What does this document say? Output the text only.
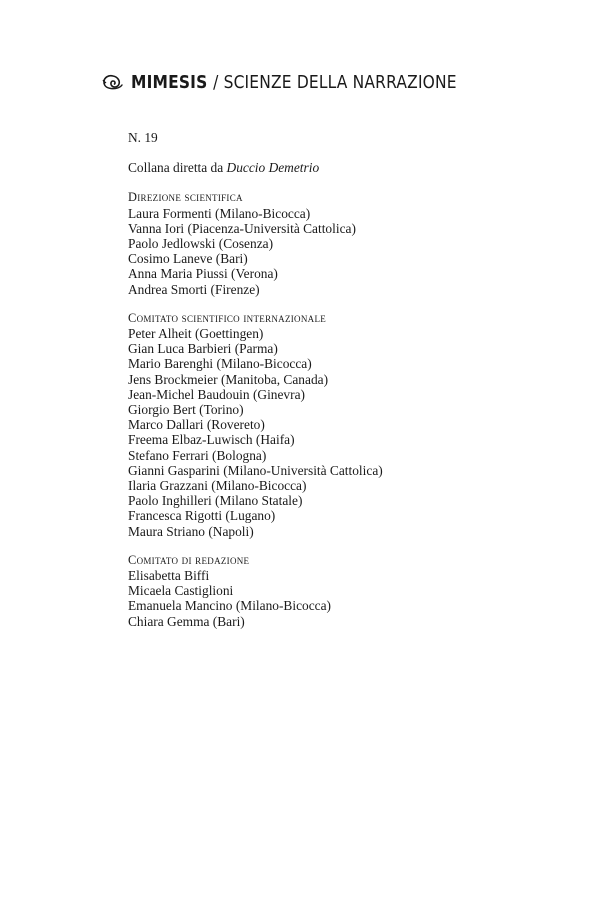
MIMESIS / SCIENZE DELLA NARRAZIONE
N. 19
Collana diretta da Duccio Demetrio
Direzione scientifica
Laura Formenti (Milano-Bicocca)
Vanna Iori (Piacenza-Università Cattolica)
Paolo Jedlowski (Cosenza)
Cosimo Laneve (Bari)
Anna Maria Piussi (Verona)
Andrea Smorti (Firenze)
Comitato scientifico internazionale
Peter Alheit (Goettingen)
Gian Luca Barbieri (Parma)
Mario Barenghi (Milano-Bicocca)
Jens Brockmeier (Manitoba, Canada)
Jean-Michel Baudouin (Ginevra)
Giorgio Bert (Torino)
Marco Dallari (Rovereto)
Freema Elbaz-Luwisch (Haifa)
Stefano Ferrari (Bologna)
Gianni Gasparini (Milano-Università Cattolica)
Ilaria Grazzani (Milano-Bicocca)
Paolo Inghilleri (Milano Statale)
Francesca Rigotti (Lugano)
Maura Striano (Napoli)
Comitato di redazione
Elisabetta Biffi
Micaela Castiglioni
Emanuela Mancino (Milano-Bicocca)
Chiara Gemma (Bari)
